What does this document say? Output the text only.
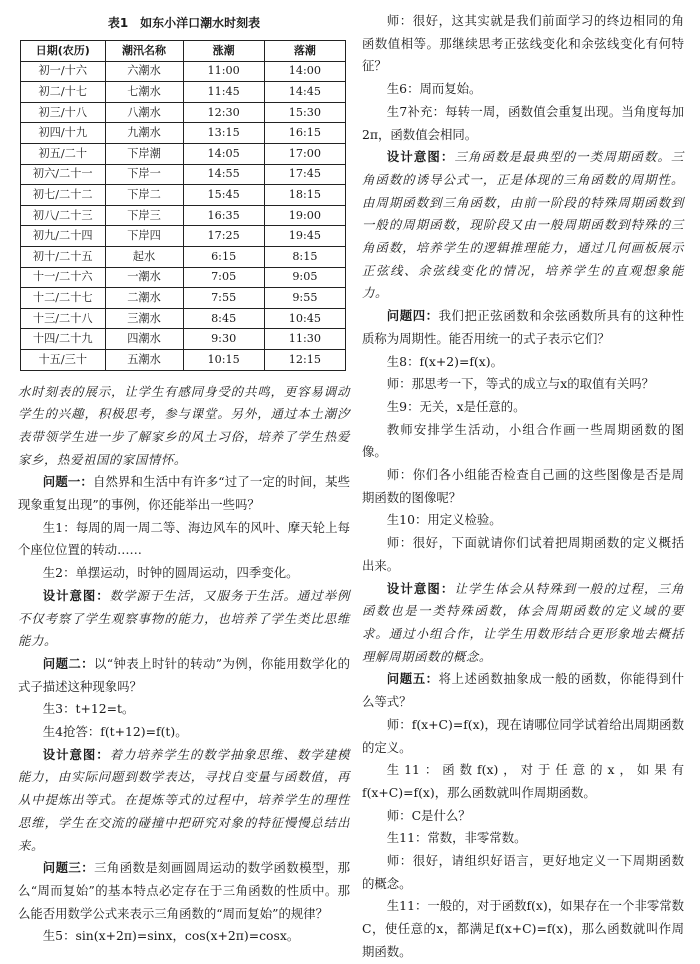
表1　如东小洋口潮水时刻表
日期(农历)	潮汛名称	涨潮	落潮
初一/十六	六潮水	11:00	14:00
初二/十七	七潮水	11:45	14:45
初三/十八	八潮水	12:30	15:30
初四/十九	九潮水	13:15	16:15
初五/二十	下岸潮	14:05	17:00
初六/二十一	下岸一	14:55	17:45
初七/二十二	下岸二	15:45	18:15
初八/二十三	下岸三	16:35	19:00
初九/二十四	下岸四	17:25	19:45
初十/二十五	起水	6:15	8:15
十一/二十六	一潮水	7:05	9:05
十二/二十七	二潮水	7:55	9:55
十三/二十八	三潮水	8:45	10:45
十四/二十九	四潮水	9:30	11:30
十五/三十	五潮水	10:15	12:15

水时刻表的展示，让学生有感同身受的共鸣，更容易调动学生的兴趣，积极思考，参与课堂。另外，通过本土潮汐表带领学生进一步了解家乡的风土习俗，培养了学生热爱家乡，热爱祖国的家国情怀。

问题一：自然界和生活中有许多“过了一定的时间，某些现象重复出现”的事例，你还能举出一些吗？

生1：每周的周一周二等、海边风车的风叶、摩天轮上每个座位位置的转动……

生2：单摆运动，时钟的圆周运动，四季变化。

设计意图：数学源于生活，又服务于生活。通过举例不仅考察了学生观察事物的能力，也培养了学生类比思维能力。

问题二：以“钟表上时针的转动”为例，你能用数学化的式子描述这种现象吗？

生3：t+12=t。

生4抢答：f(t+12)=f(t)。

设计意图：着力培养学生的数学抽象思维、数学建模能力，由实际问题到数学表达，寻找自变量与函数值，再从中提炼出等式。在提炼等式的过程中，培养学生的理性思维，学生在交流的碰撞中把研究对象的特征慢慢总结出来。

问题三：三角函数是刻画圆周运动的数学函数模型，那么“周而复始”的基本特点必定存在于三角函数的性质中。那么能否用数学公式来表示三角函数的“周而复始”的规律？

生5：sin(x+2π)=sinx，cos(x+2π)=cosx。

师：很好，这其实就是我们前面学习的终边相同的角函数值相等。那继续思考正弦线变化和余弦线变化有何特征？

生6：周而复始。

生7补充：每转一周，函数值会重复出现。当角度每加2π，函数值会相同。

设计意图：三角函数是最典型的一类周期函数。三角函数的诱导公式一，正是体现的三角函数的周期性。由周期函数到三角函数，由前一阶段的特殊周期函数到一般的周期函数，现阶段又由一般周期函数到特殊的三角函数，培养学生的逻辑推理能力，通过几何画板展示正弦线、余弦线变化的情况，培养学生的直观想象能力。

问题四：我们把正弦函数和余弦函数所具有的这种性质称为周期性。能否用统一的式子表示它们？

生8：f(x+2)=f(x)。

师：那思考一下，等式的成立与x的取值有关吗？

生9：无关，x是任意的。

教师安排学生活动，小组合作画一些周期函数的图像。

师：你们各小组能否检查自己画的这些图像是否是周期函数的图像呢？

生10：用定义检验。

师：很好，下面就请你们试着把周期函数的定义概括出来。

设计意图：让学生体会从特殊到一般的过程，三角函数也是一类特殊函数，体会周期函数的定义域的要求。通过小组合作，让学生用数形结合更形象地去概括理解周期函数的概念。

问题五：将上述函数抽象成一般的函数，你能得到什么等式？

师：f(x+C)=f(x)，现在请哪位同学试着给出周期函数的定义。

生11：函数f(x)，对于任意的x，如果有f(x+C)=f(x)，那么函数就叫作周期函数。

师：C是什么？

生11：常数，非零常数。

师：很好，请组织好语言，更好地定义一下周期函数的概念。

生11：一般的，对于函数f(x)，如果存在一个非零常数C，使任意的x，都满足f(x+C)=f(x)，那么函数就叫作周期函数。
